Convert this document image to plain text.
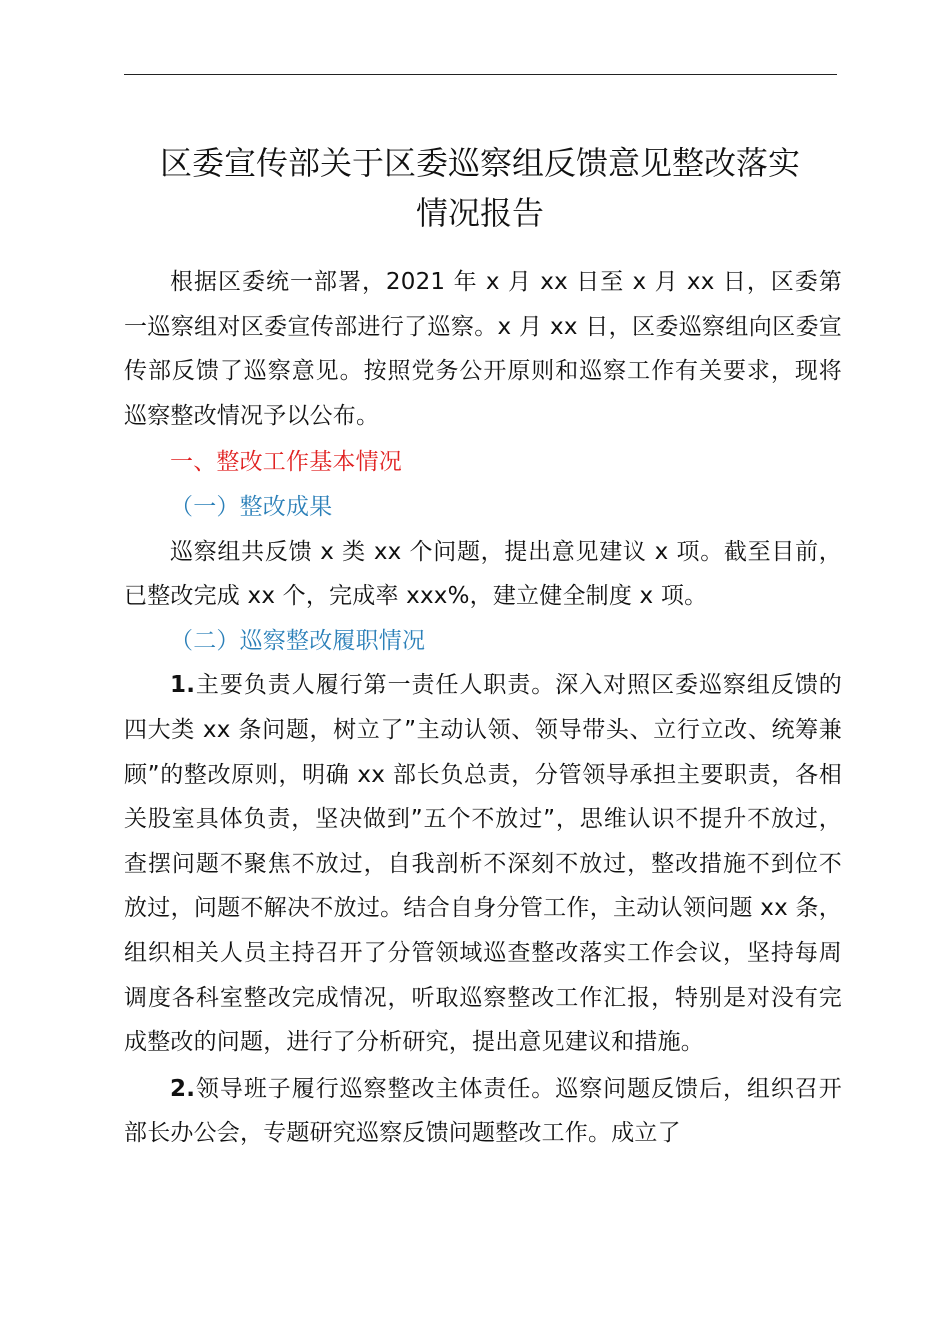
区委宣传部关于区委巡察组反馈意见整改落实
情况报告

根据区委统一部署，2021 年 x 月 xx 日至 x 月 xx 日，区委第一巡察组对区委宣传部进行了巡察。x 月 xx 日，区委巡察组向区委宣传部反馈了巡察意见。按照党务公开原则和巡察工作有关要求，现将巡察整改情况予以公布。

一、整改工作基本情况

（一）整改成果

巡察组共反馈 x 类 xx 个问题，提出意见建议 x 项。截至目前，已整改完成 xx 个，完成率 xxx%，建立健全制度 x 项。

（二）巡察整改履职情况

1.主要负责人履行第一责任人职责。深入对照区委巡察组反馈的四大类 xx 条问题，树立了”主动认领、领导带头、立行立改、统筹兼顾”的整改原则，明确 xx 部长负总责，分管领导承担主要职责，各相关股室具体负责，坚决做到”五个不放过”，思维认识不提升不放过，查摆问题不聚焦不放过，自我剖析不深刻不放过，整改措施不到位不放过，问题不解决不放过。结合自身分管工作，主动认领问题 xx 条，组织相关人员主持召开了分管领域巡查整改落实工作会议，坚持每周调度各科室整改完成情况，听取巡察整改工作汇报，特别是对没有完成整改的问题，进行了分析研究，提出意见建议和措施。

2.领导班子履行巡察整改主体责任。巡察问题反馈后，组织召开部长办公会，专题研究巡察反馈问题整改工作。成立了
